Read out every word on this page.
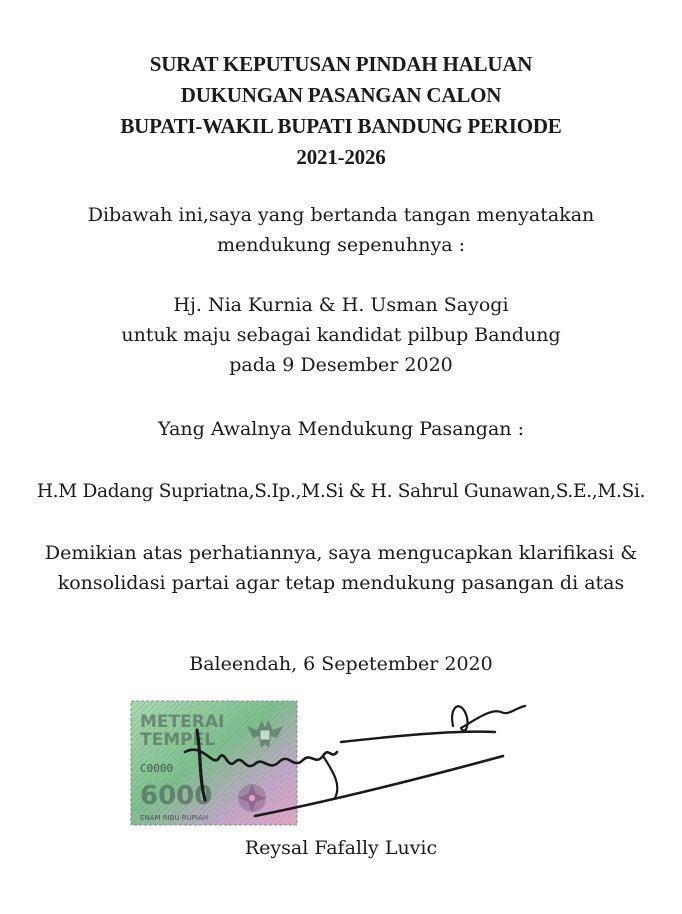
SURAT KEPUTUSAN PINDAH HALUAN
DUKUNGAN PASANGAN CALON
BUPATI-WAKIL BUPATI BANDUNG PERIODE
2021-2026
Dibawah ini,saya yang bertanda tangan menyatakan
mendukung sepenuhnya :
Hj. Nia Kurnia & H. Usman Sayogi
untuk maju sebagai kandidat pilbup Bandung
pada 9 Desember 2020
Yang Awalnya Mendukung Pasangan :
H.M Dadang Supriatna,S.Ip.,M.Si & H. Sahrul Gunawan,S.E.,M.Si.
Demikian atas perhatiannya, saya mengucapkan klarifikasi &
konsolidasi partai agar tetap mendukung pasangan di atas
Baleendah, 6 Sepetember 2020
METERAI
TEMPEL
C0000
6000
ENAM RIBU RUPIAH
Reysal Fafally Luvic
